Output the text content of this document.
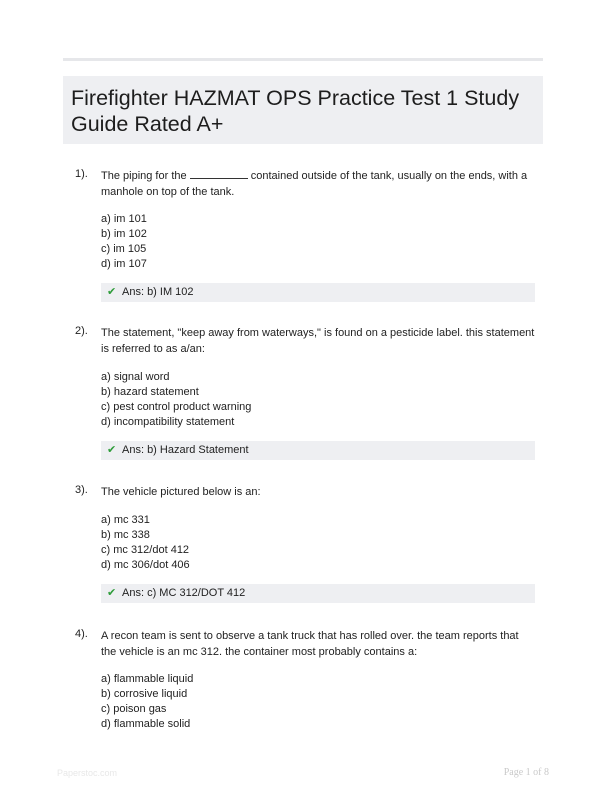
Firefighter HAZMAT OPS Practice Test 1 Study Guide Rated A+
1). The piping for the	contained outside of the tank, usually on the ends, with a manhole on top of the tank.
a) im 101
b) im 102
c) im 105
d) im 107
✔ Ans: b) IM 102
2). The statement, "keep away from waterways," is found on a pesticide label. this statement is referred to as a/an:
a) signal word
b) hazard statement
c) pest control product warning
d) incompatibility statement
✔ Ans: b) Hazard Statement
3). The vehicle pictured below is an:
a) mc 331
b) mc 338
c) mc 312/dot 412
d) mc 306/dot 406
✔ Ans: c) MC 312/DOT 412
4). A recon team is sent to observe a tank truck that has rolled over. the team reports that the vehicle is an mc 312. the container most probably contains a:
a) flammable liquid
b) corrosive liquid
c) poison gas
d) flammable solid
Paperstoc.com	Page 1 of 8
